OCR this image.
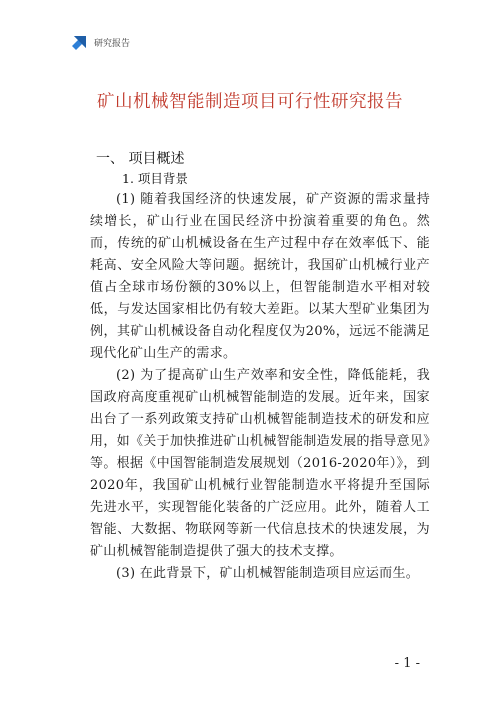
研究报告
矿山机械智能制造项目可行性研究报告
一、 项目概述
1. 项目背景

(1) 随着我国经济的快速发展，矿产资源的需求量持续增长，矿山行业在国民经济中扮演着重要的角色。然而，传统的矿山机械设备在生产过程中存在效率低下、能耗高、安全风险大等问题。据统计，我国矿山机械行业产值占全球市场份额的30%以上，但智能制造水平相对较低，与发达国家相比仍有较大差距。以某大型矿业集团为例，其矿山机械设备自动化程度仅为20%，远远不能满足现代化矿山生产的需求。

(2) 为了提高矿山生产效率和安全性，降低能耗，我国政府高度重视矿山机械智能制造的发展。近年来，国家出台了一系列政策支持矿山机械智能制造技术的研发和应用，如《关于加快推进矿山机械智能制造发展的指导意见》等。根据《中国智能制造发展规划（2016-2020年）》，到2020年，我国矿山机械行业智能制造水平将提升至国际先进水平，实现智能化装备的广泛应用。此外，随着人工智能、大数据、物联网等新一代信息技术的快速发展，为矿山机械智能制造提供了强大的技术支撑。

(3) 在此背景下，矿山机械智能制造项目应运而生。

- 1 -
